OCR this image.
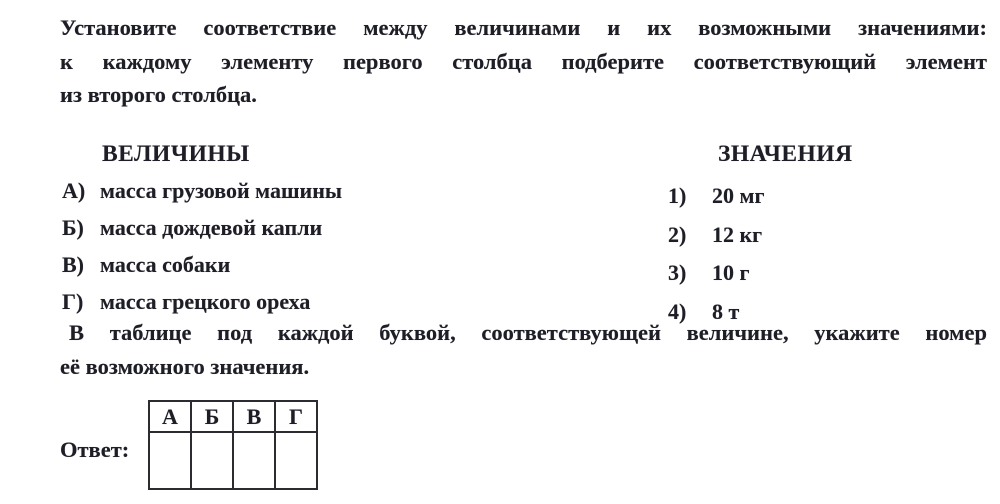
Установите соответствие между величинами и их возможными значениями:
к каждому элементу первого столбца подберите соответствующий элемент
из второго столбца.
ВЕЛИЧИНЫ
А) масса грузовой машины
Б) масса дождевой капли
В) масса собаки
Г) масса грецкого ореха
ЗНАЧЕНИЯ
1)	20 мг
2)	12 кг
3)	10 г
4)	8 т
В таблице под каждой буквой, соответствующей величине, укажите номер
её возможного значения.
Ответ:
А	Б	В	Г
